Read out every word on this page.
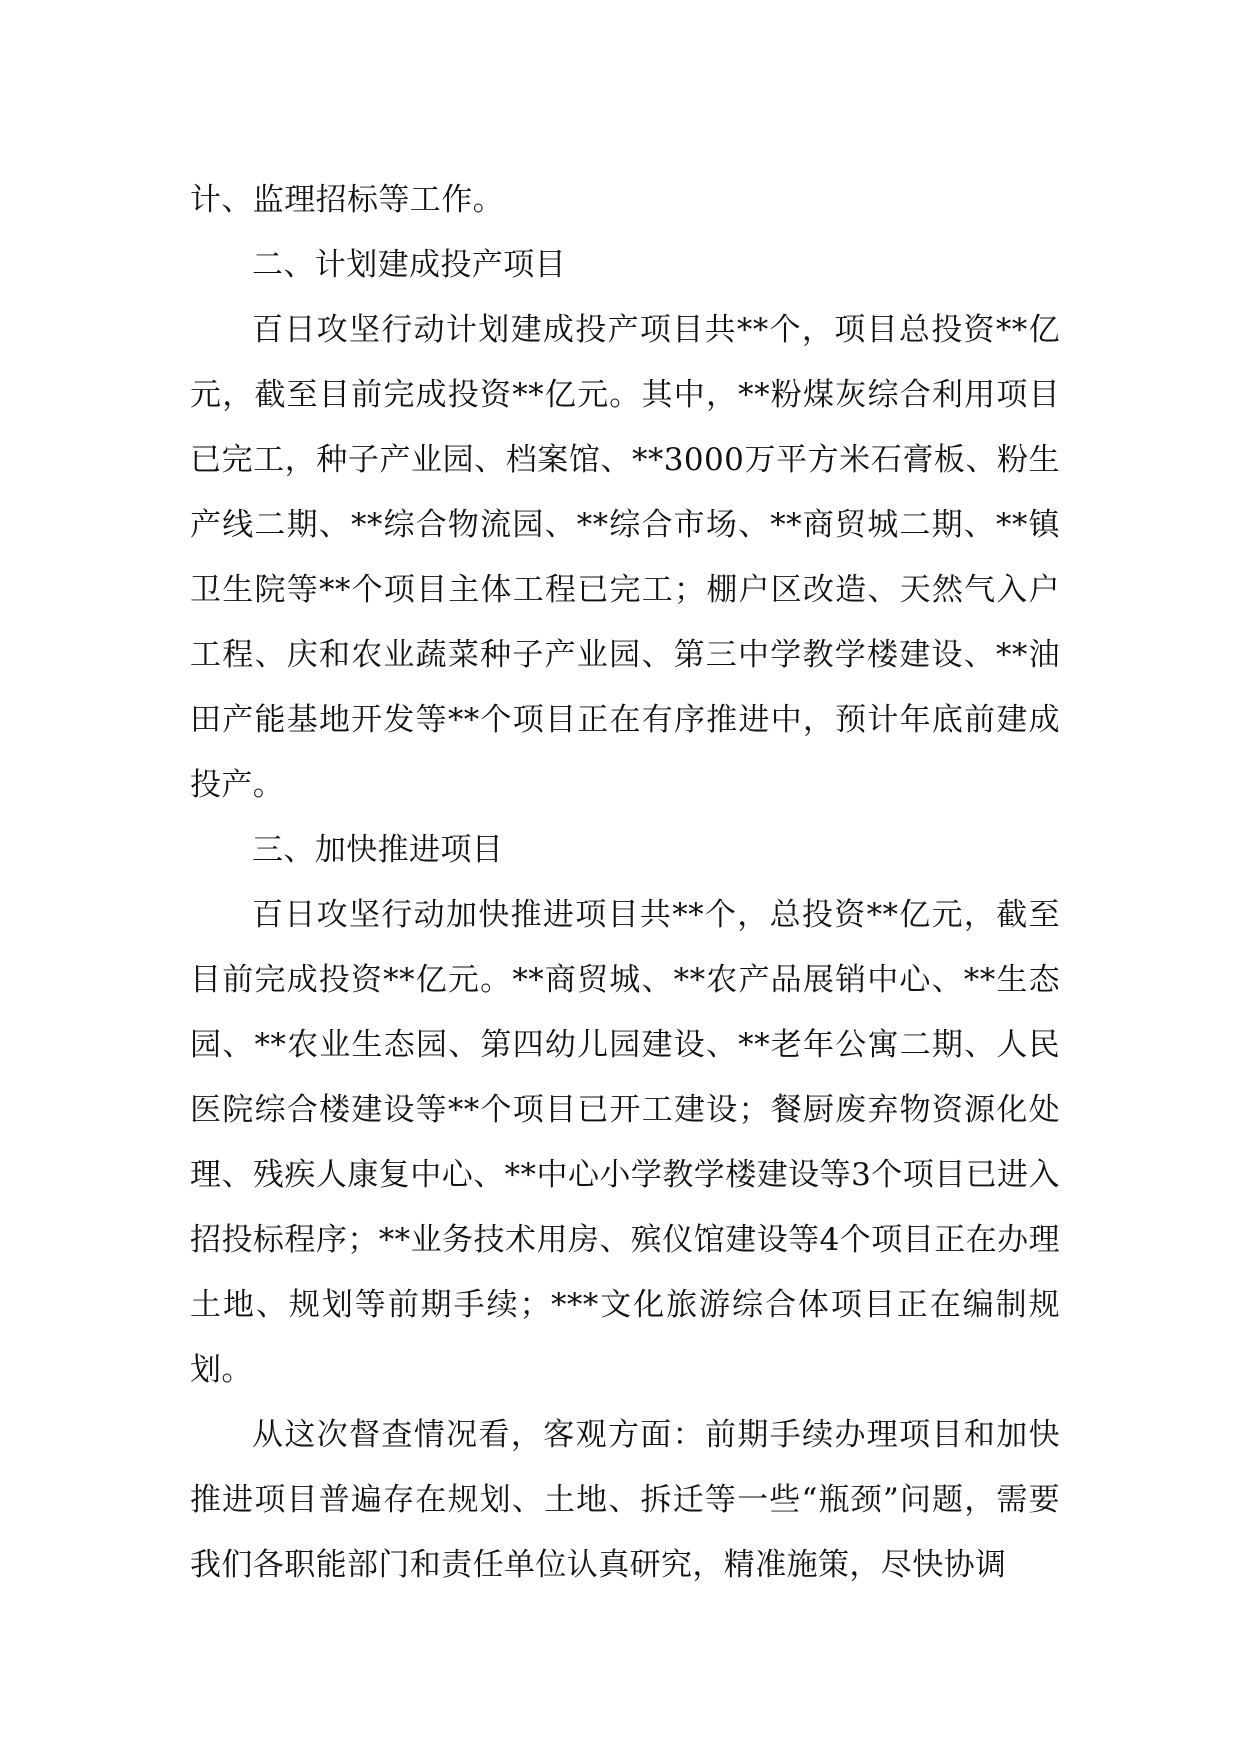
计、监理招标等工作。

二、计划建成投产项目

百日攻坚行动计划建成投产项目共**个，项目总投资**亿元，截至目前完成投资**亿元。其中，**粉煤灰综合利用项目已完工，种子产业园、档案馆、**3000万平方米石膏板、粉生产线二期、**综合物流园、**综合市场、**商贸城二期、**镇卫生院等**个项目主体工程已完工；棚户区改造、天然气入户工程、庆和农业蔬菜种子产业园、第三中学教学楼建设、**油田产能基地开发等**个项目正在有序推进中，预计年底前建成投产。

三、加快推进项目

百日攻坚行动加快推进项目共**个，总投资**亿元，截至目前完成投资**亿元。**商贸城、**农产品展销中心、**生态园、**农业生态园、第四幼儿园建设、**老年公寓二期、人民医院综合楼建设等**个项目已开工建设；餐厨废弃物资源化处理、残疾人康复中心、**中心小学教学楼建设等3个项目已进入招投标程序；**业务技术用房、殡仪馆建设等4个项目正在办理土地、规划等前期手续；***文化旅游综合体项目正在编制规划。

从这次督查情况看，客观方面：前期手续办理项目和加快推进项目普遍存在规划、土地、拆迁等一些“瓶颈”问题，需要我们各职能部门和责任单位认真研究，精准施策，尽快协调
